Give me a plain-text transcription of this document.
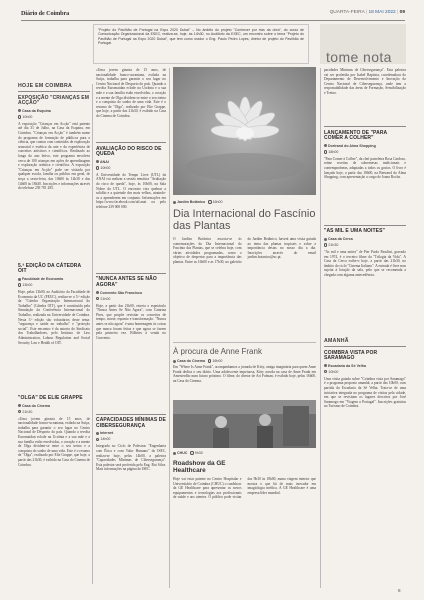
Diário de Coimbra	QUARTA-FEIRA | 18 MAI 2022 | 09
"Projeto do Pavilhão de Portugal na Expo 2020 Dubai" – No âmbito do projeto "Conhecer por trás da obra", do curso de Comunicação Organizacional da ESEC, realiza-se, hoje, às 14h30, no Auditório da ESEC, um encontro sobre o tema "Projeto do Pavilhão de Portugal na Expo 2020 Dubai", que tem como orador o Eng. Paulo Pedro Lopes, diretor de projeto do Pavilhão de Portugal.
tome nota
HOJE EM COIMBRA
EXPOSIÇÃO "CRIANÇAS EM ACÇÃO"
Casa da Esquina
10h00
A exposição "Crianças em Acção" está patente até dia 31 de Julho, na Casa da Esquina, em Coimbra. "Crianças em Acção" é também nome do programa de formação de públicos para a ciência, que contou com conteúdos de exploração sensorial e estética da arte e da experiência de conceitos artísticos e científicos. Realizado ao longo do ano letivo, este programa envolveu cerca de 100 crianças em ações de aprendizagem e exploração artística e científica. A exposição "Crianças em Acção" pode ser visitada por qualquer escola, família ou público em geral, de terça a sexta-feira, das 10h00 às 12h30 e das 14h00 às 18h30. Inscrições e informações através do telefone 239 781 285.
5.ª EDIÇÃO DA CÁTEDRA OIT
Faculdade de Economia
13h00
Hoje, pelas 13h00, no Auditório da Faculdade de Economia da UC (FEUC), realiza-se a 5.ª edição da "Cátedra Organização Internacional do Trabalho" (Cátedra OIT), que é constituída pela Simulação da Conferência Internacional do Trabalho, realizada na Universidade de Coimbra. Nesta 5.ª edição são voluntários deste tema: "segurança e saúde no trabalho" e "proteção social". Este encontro é da autoria do Sindicato dos Trabalhadores, pelo Instituto de Law Administration, Labour Regulation and Social Security Law e Health of OIT.
"OLGA" DE ELIE GRAPPE
Casa do Cinema
21h30
«Uma jovem ginasta de 15 anos, de nacionalidade franco-ucraniana, exilada na Suíça, trabalha para garantir o seu lugar no Centro Nacional de Desporto do país. Quando a revolta Euromaidan eclode na Ucrânia e a sua mãe e a sua família estão envolvidas, o coração e a mente de Olga dividem-se entre o seu treino e a conquista do sonho de uma vida. Este é o resumo de "Olga", realizado por Elie Grappe, que hoje, a partir das 21h30, é exibido na Casa do Cinema de Coimbra.
«Uma jovem ginasta de 15 anos, de nacionalidade franco-ucraniana, exilada na Suíça, trabalha para garantir o seu lugar no Centro Nacional de Desporto do país. Quando a revolta Euromaidan eclode na Ucrânia e a sua mãe e a sua família estão envolvidas, o coração e a mente de Olga dividem-se entre o seu treino e a conquista do sonho de uma vida. Este é o resumo de "Olga", realizado por Elie Grappe, que hoje, a partir das 21h30, é exibido na Casa do Cinema de Coimbra.
AVALIAÇÃO DO RISCO DE QUEDA
ANAI
10h00
A Universidade do Tempo Livre (UTL) da ANAI vai realizar a sessão temática "Avaliação do risco de queda", hoje, às 10h00, na Sala Nobre da UTL. O encontro visa quebrar a solidão e a quietude dos mais velhos, atraindo-os a aprenderem em conjunto. Informações em https://www.facebook.com/utl.anai ou pelo telefone 239 000 000.
"NUNCA ANTES SE NÃO AGORA"
Convento São Francisco
21h00
Hoje, a partir das 21h00, estreia o espetáculo "Nunca Antes Se Não Agora", com Catarina Pires, que propõe revisitar os conceitos de tempo, morte, espanto e transformação. "Nunca antes se não agora" é uma homenagem às coisas que nunca foram feitas e que agora se fazem pela primeira vez. Bilhetes à venda no Convento.
CAPACIDADES MÍNIMAS DE CIBERSEGURANÇA
Internet
14h00
Integrada no Ciclo de Palestras "Engenharia com Ética e com Valor Humano" do ISEC, realiza-se hoje, pelas 14h00, a palestra "Capacidades Mínimas de Cibersegurança". Esta palestra será proferida pelo Eng. Rui Silva. Mais informações na página do ISEC.
Jardim Botânico 16h00
Dia Internacional do Fascínio das Plantas
O Jardim Botânico associa-se às comemorações do Dia Internacional do Fascínio das Plantas, que se celebra hoje, com várias atividades programadas, como o objetivo de despertar para a importância das plantas. Entre as 16h00 e as 17h30, no galeirão do Jardim Botânico, haverá uma visita guiada ao tema das plantas tropicais e sobre a importância destas no nosso dia a dia. Inscrições através do email jardim.botanico@uc.pt.
À procura de Anne Frank
Casa do Cinema 16h00
Em "Where Is Anne Frank", acompanhamos a jornada de Kitty, amiga imaginária para quem Anne Frank dedica o seu diário. Uma adolescente impetuosa, Kitty acorda na casa de Anne Frank em Amesterdão num futuro próximo. O filme, do diretor de Ari Folman, é exibido hoje, pelas 16h00, na Casa do Cinema.
CHUC 9h30
Roadshow da GE Healthcare
Hoje vai estar patente no Centro Hospitalar e Universitário de Coimbra (CHUC) o roadshow da GE Healthcare para apresentar os novos equipamentos e tecnologias aos profissionais de saúde e aos utentes. O público pode visitar das 9h30 às 18h00, numa viagem interior que mostra o que há de mais inovador em imagiologia médica. A GE Healthcare é uma empresa líder mundial.
pacidades Mínimas de Cibersegurança". Esta palestra vai ser proferida por Isabel Baptista, coordenadora do Departamento de Desenvolvimento e Inovação do Centro Nacional de Cibersegurança, onde tem a responsabilidade das áreas de Formação, Sensibilização e Treino.
LANÇAMENTO DE "PARA COMER A COLHER"
Dortrand do Alma Shopping
18h00
"Para Comer à Colher", da chef pasteleira Rosa Cardoso, reúne receitas de sobremesas tradicionais e contemporâneas, adaptadas a todos os gostos. O livro é lançado hoje, a partir das 18h00, na Bertrand do Alma Shopping, com apresentação a cargo de Joana Rocha.
"AS MIL E UMA NOITES"
Casa da Cerca
21h30
"As mil e uma noites" de Pier Paolo Pasolini, gravado em 1974, é o terceiro filme da "Trilogia da Vida". A Casa da Cerca exibe-o hoje, a partir das 21h30, no âmbito do ciclo "Cinema Italiano". A entrada é livre mas sujeita à lotação da sala, pelo que se recomenda a chegada com alguma antecedência.
AMANHÃ
COIMBRA VISTA POR SARAMAGO
Escadaria da Sé Velha
10h00
Uma visita guiada sobre "Coimbra vista por Saramago" é o programa proposto amanhã, a partir das 10h00, com partida da Escadaria da Sé Velha. Trata-se de uma iniciativa integrada no programa de visitas pela cidade, em que se revisitam os lugares descritos por José Saramago em "Viagem a Portugal". Inscrições gratuitas no Turismo de Coimbra.
8
